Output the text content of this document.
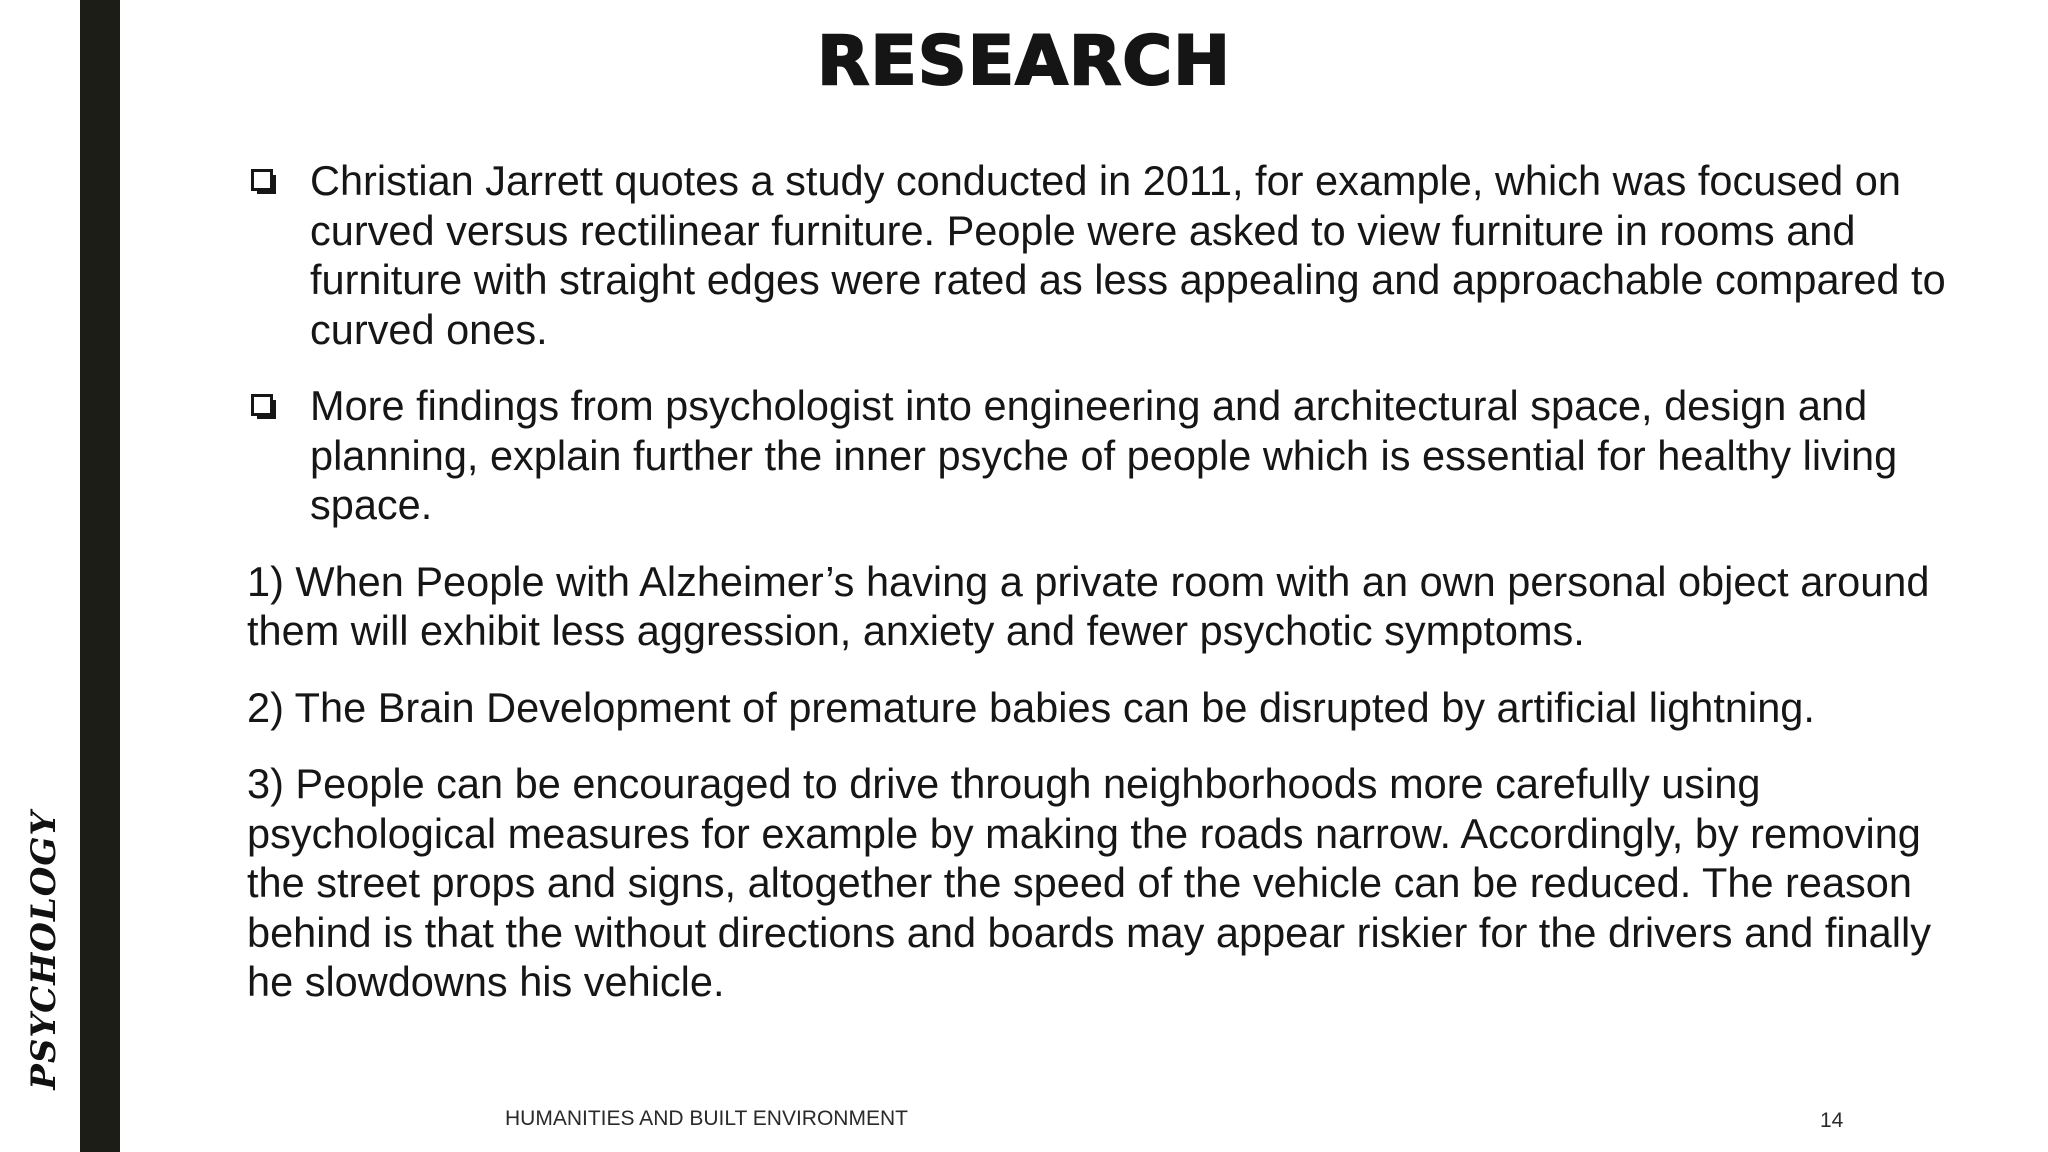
PSYCHOLOGY
RESEARCH
Christian Jarrett quotes a study conducted in 2011, for example, which was focused on curved versus rectilinear furniture. People were asked to view furniture in rooms and furniture with straight edges were rated as less appealing and approachable compared to curved ones.
More findings from psychologist into engineering and architectural space, design and planning, explain further the inner psyche of people which is essential for healthy living space.
1) When People with Alzheimer’s having a private room with an own personal object around them will exhibit less aggression, anxiety and fewer psychotic symptoms.
2) The Brain Development of premature babies can be disrupted by artificial lightning.
3) People can be encouraged to drive through neighborhoods more carefully using psychological measures for example by making the roads narrow. Accordingly, by removing the street props and signs, altogether the speed of the vehicle can be reduced. The reason behind is that the without directions and boards may appear riskier for the drivers and finally he slowdowns his vehicle.
HUMANITIES AND BUILT ENVIRONMENT	14
